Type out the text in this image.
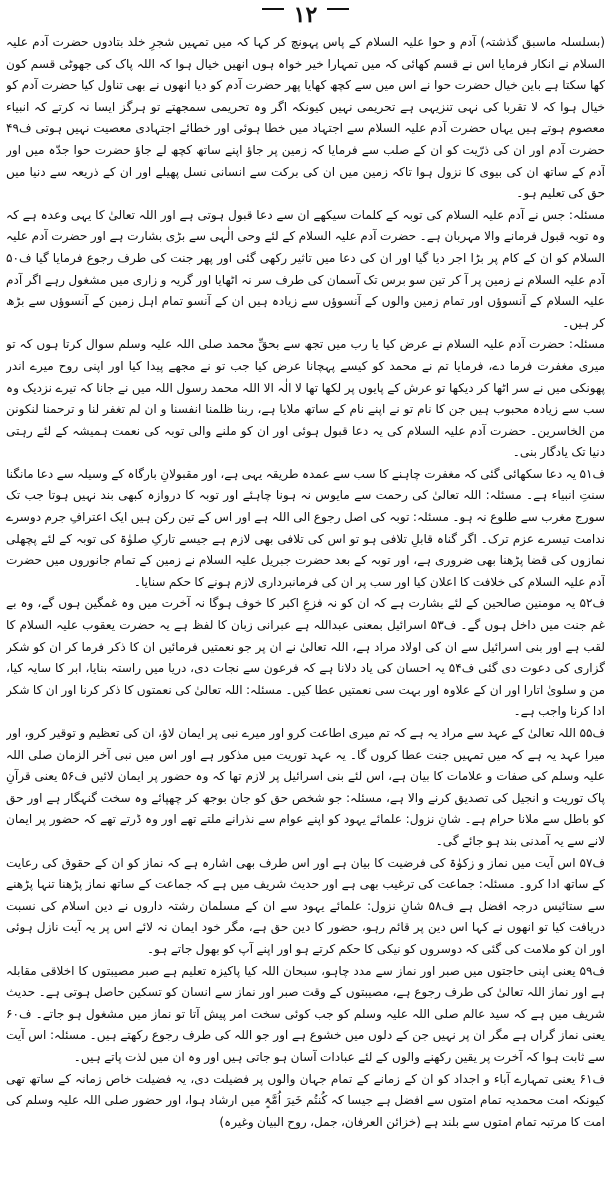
۱۲

(بسلسلہ ماسبق گذشتہ) آدم و حوا علیہ السلام کے پاس پہونچ کر کہا کہ میں تمہیں شجرِ خلد بتادوں حضرت آدم علیہ السلام نے انکار فرمایا اس نے قسم کھائی کہ میں تمہارا خیر خواہ ہوں انھیں خیال ہوا کہ اللہ پاک کی جھوٹی قسم کون کھا سکتا ہے باین خیال حضرت حوا نے اس میں سے کچھ کھایا پھر حضرت آدم کو دیا انھوں نے بھی تناول کیا حضرت آدم کو خیال ہوا کہ لا تقربا کی نہی تنزیہی ہے تحریمی نہیں کیونکہ اگر وہ تحریمی سمجھتے تو ہرگز ایسا نہ کرتے کہ انبیاء معصوم ہوتے ہیں یہاں حضرت آدم علیہ السلام سے اجتہاد میں خطا ہوئی اور خطائے اجتہادی معصیت نہیں ہوتی ف۴۹ حضرت آدم اور ان کی ذرّیت کو ان کے صلب سے فرمایا کہ زمین پر جاؤ اپنے ساتھ کچھ لے جاؤ حضرت حوا جدّہ میں اور آدم کے ساتھ ان کی بیوی کا نزول ہوا تاکہ زمین میں ان کی برکت سے انسانی نسل پھیلے اور ان کے ذریعہ سے دنیا میں حق کی تعلیم ہو۔

مسئلہ: جس نے آدم علیہ السلام کی توبہ کے کلمات سیکھے ان سے دعا قبول ہوتی ہے اور اللہ تعالیٰ کا یہی وعدہ ہے کہ وہ توبہ قبول فرمانے والا مہربان ہے۔ حضرت آدم علیہ السلام کے لئے وحی الٰہی سے بڑی بشارت ہے اور حضرت آدم علیہ السلام کو ان کے کام پر بڑا اجر دیا گیا اور ان کی دعا میں تاثیر رکھی گئی اور پھر جنت کی طرف رجوع فرمایا گیا ف۵۰ آدم علیہ السلام نے زمین پر آ کر تین سو برس تک آسمان کی طرف سر نہ اٹھایا اور گریہ و زاری میں مشغول رہے اگر آدم علیہ السلام کے آنسوؤں اور تمام زمین والوں کے آنسوؤں سے زیادہ ہیں ان کے آنسو تمام اہل زمین کے آنسوؤں سے بڑھ کر ہیں۔

مسئلہ: حضرت آدم علیہ السلام نے عرض کیا یا رب میں تجھ سے بحقِّ محمد صلی اللہ علیہ وسلم سوال کرتا ہوں کہ تو میری مغفرت فرما دے، فرمایا تم نے محمد کو کیسے پہچانا عرض کیا جب تو نے مجھے پیدا کیا اور اپنی روح میرے اندر پھونکی میں نے سر اٹھا کر دیکھا تو عرش کے پایوں پر لکھا تھا لا الٰہ الا اللہ محمد رسول اللہ میں نے جانا کہ تیرے نزدیک وہ سب سے زیادہ محبوب ہیں جن کا نام تو نے اپنے نام کے ساتھ ملایا ہے، ربنا ظلمنا انفسنا و ان لم تغفر لنا و ترحمنا لنکونن من الخاسرین۔ حضرت آدم علیہ السلام کی یہ دعا قبول ہوئی اور ان کو ملنے والی توبہ کی نعمت ہمیشہ کے لئے رہتی دنیا تک یادگار بنی۔

ف۵۱ یہ دعا سکھائی گئی کہ مغفرت چاہنے کا سب سے عمدہ طریقہ یہی ہے، اور مقبولانِ بارگاہ کے وسیلہ سے دعا مانگنا سنتِ انبیاء ہے۔ مسئلہ: اللہ تعالیٰ کی رحمت سے مایوس نہ ہونا چاہئے اور توبہ کا دروازہ کبھی بند نہیں ہوتا جب تک سورج مغرب سے طلوع نہ ہو۔ مسئلہ: توبہ کی اصل رجوع الی اللہ ہے اور اس کے تین رکن ہیں ایک اعترافِ جرم دوسرے ندامت تیسرے عزم ترک۔ اگر گناہ قابلِ تلافی ہو تو اس کی تلافی بھی لازم ہے جیسے تارکِ صلوٰۃ کی توبہ کے لئے پچھلی نمازوں کی قضا پڑھنا بھی ضروری ہے، اور توبہ کے بعد حضرت جبریل علیہ السلام نے زمین کے تمام جانوروں میں حضرت آدم علیہ السلام کی خلافت کا اعلان کیا اور سب پر ان کی فرمانبرداری لازم ہونے کا حکم سنایا۔

ف۵۲ یہ مومنین صالحین کے لئے بشارت ہے کہ ان کو نہ فزعِ اکبر کا خوف ہوگا نہ آخرت میں وہ غمگین ہوں گے، وہ بے غم جنت میں داخل ہوں گے۔ ف۵۳ اسرائیل بمعنی عبداللہ ہے عبرانی زبان کا لفظ ہے یہ حضرت یعقوب علیہ السلام کا لقب ہے اور بنی اسرائیل سے ان کی اولاد مراد ہے، اللہ تعالیٰ نے ان پر جو نعمتیں فرمائیں ان کا ذکر فرما کر ان کو شکر گزاری کی دعوت دی گئی ف۵۴ یہ احسان کی یاد دلانا ہے کہ فرعون سے نجات دی، دریا میں راستہ بنایا، ابر کا سایہ کیا، من و سلویٰ اتارا اور ان کے علاوہ اور بہت سی نعمتیں عطا کیں۔ مسئلہ: اللہ تعالیٰ کی نعمتوں کا ذکر کرنا اور ان کا شکر ادا کرنا واجب ہے۔

ف۵۵ اللہ تعالیٰ کے عہد سے مراد یہ ہے کہ تم میری اطاعت کرو اور میرے نبی پر ایمان لاؤ، ان کی تعظیم و توقیر کرو، اور میرا عہد یہ ہے کہ میں تمہیں جنت عطا کروں گا۔ یہ عہد توریت میں مذکور ہے اور اس میں نبی آخر الزمان صلی اللہ علیہ وسلم کی صفات و علامات کا بیان ہے، اس لئے بنی اسرائیل پر لازم تھا کہ وہ حضور پر ایمان لائیں ف۵۶ یعنی قرآنِ پاک توریت و انجیل کی تصدیق کرنے والا ہے، مسئلہ: جو شخص حق کو جان بوجھ کر چھپائے وہ سخت گنہگار ہے اور حق کو باطل سے ملانا حرام ہے۔ شانِ نزول: علمائے یہود کو اپنے عوام سے نذرانے ملتے تھے اور وہ ڈرتے تھے کہ حضور پر ایمان لانے سے یہ آمدنی بند ہو جائے گی۔

ف۵۷ اس آیت میں نماز و زکوٰۃ کی فرضیت کا بیان ہے اور اس طرف بھی اشارہ ہے کہ نماز کو ان کے حقوق کی رعایت کے ساتھ ادا کرو۔ مسئلہ: جماعت کی ترغیب بھی ہے اور حدیث شریف میں ہے کہ جماعت کے ساتھ نماز پڑھنا تنہا پڑھنے سے ستائیس درجہ افضل ہے ف۵۸ شانِ نزول: علمائے یہود سے ان کے مسلمان رشتہ داروں نے دین اسلام کی نسبت دریافت کیا تو انھوں نے کہا اس دین پر قائم رہو، حضور کا دین حق ہے، مگر خود ایمان نہ لائے اس پر یہ آیت نازل ہوئی اور ان کو ملامت کی گئی کہ دوسروں کو نیکی کا حکم کرتے ہو اور اپنے آپ کو بھول جاتے ہو۔

ف۵۹ یعنی اپنی حاجتوں میں صبر اور نماز سے مدد چاہو، سبحان اللہ کیا پاکیزہ تعلیم ہے صبر مصیبتوں کا اخلاقی مقابلہ ہے اور نماز اللہ تعالیٰ کی طرف رجوع ہے، مصیبتوں کے وقت صبر اور نماز سے انسان کو تسکین حاصل ہوتی ہے۔ حدیث شریف میں ہے کہ سید عالم صلی اللہ علیہ وسلم کو جب کوئی سخت امر پیش آتا تو نماز میں مشغول ہو جاتے۔ ف۶۰ یعنی نماز گراں ہے مگر ان پر نہیں جن کے دلوں میں خشوع ہے اور جو اللہ کی طرف رجوع رکھتے ہیں۔ مسئلہ: اس آیت سے ثابت ہوا کہ آخرت پر یقین رکھنے والوں کے لئے عبادات آسان ہو جاتی ہیں اور وہ ان میں لذت پاتے ہیں۔

ف۶۱ یعنی تمہارے آباء و اجداد کو ان کے زمانے کے تمام جہان والوں پر فضیلت دی، یہ فضیلت خاص زمانہ کے ساتھ تھی کیونکہ امت محمدیہ تمام امتوں سے افضل ہے جیسا کہ کُنتُم خَیرَ اُمَّۃٍ میں ارشاد ہوا، اور حضور صلی اللہ علیہ وسلم کی امت کا مرتبہ تمام امتوں سے بلند ہے (خزائن العرفان، جمل، روح البیان وغیرہ)
